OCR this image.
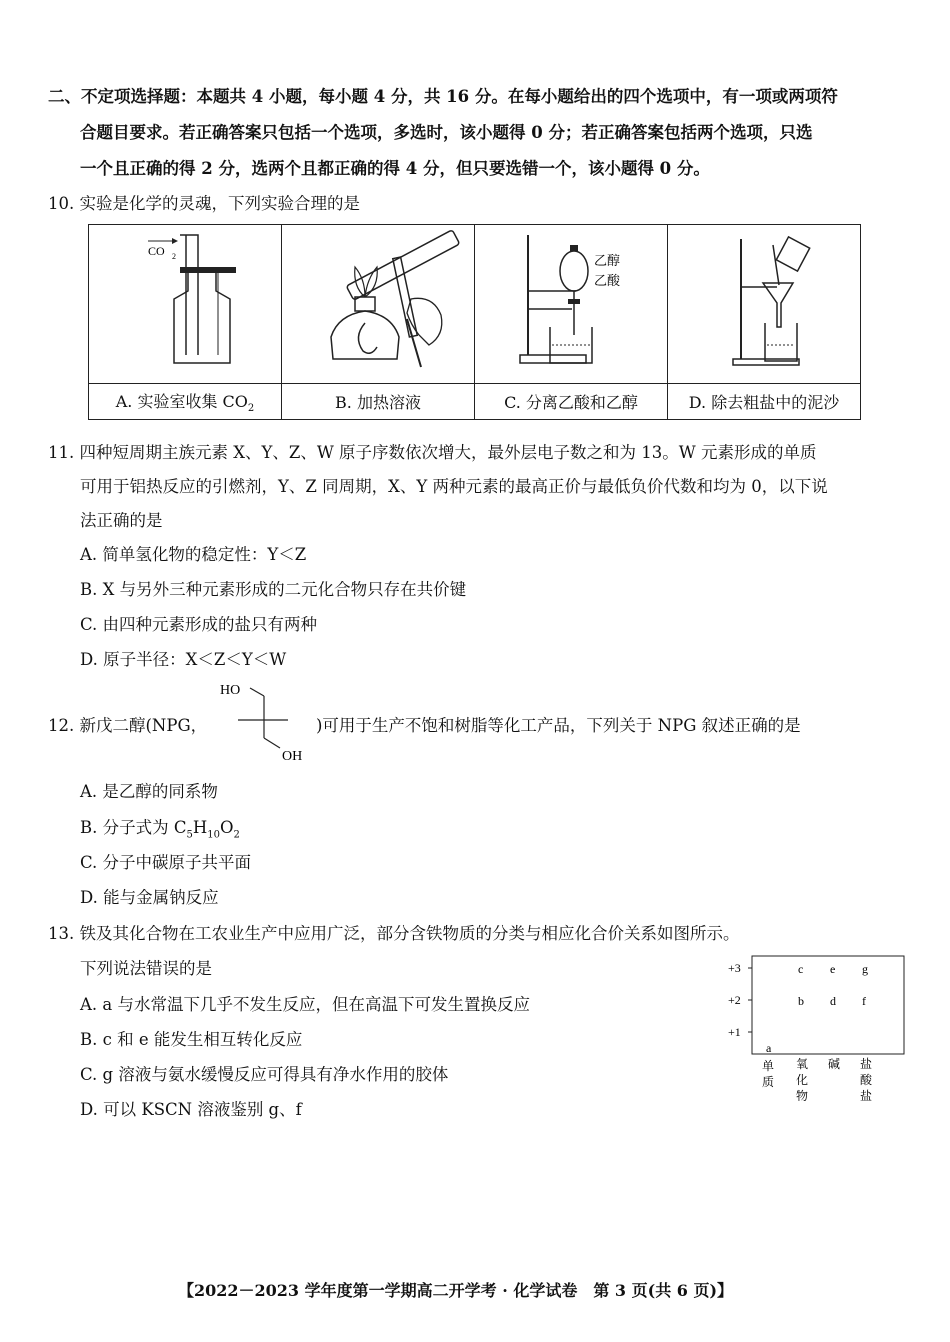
二、不定项选择题：本题共 4 小题，每小题 4 分，共 16 分。在每小题给出的四个选项中，有一项或两项符
合题目要求。若正确答案只包括一个选项，多选时，该小题得 0 分；若正确答案包括两个选项，只选
一个且正确的得 2 分，选两个且都正确的得 4 分，但只要选错一个，该小题得 0 分。
10. 实验是化学的灵魂，下列实验合理的是
CO 2		乙醇
乙酸

A. 实验室收集 $CO_2$	B. 加热溶液	C. 分离乙酸和乙醇	D. 除去粗盐中的泥沙
11. 四种短周期主族元素 X、Y、Z、W 原子序数依次增大，最外层电子数之和为 13。W 元素形成的单质
可用于铝热反应的引燃剂，Y、Z 同周期，X、Y 两种元素的最高正价与最低负价代数和均为 0，以下说
法正确的是
A. 简单氢化物的稳定性：Y＜Z
B. X 与另外三种元素形成的二元化合物只存在共价键
C. 由四种元素形成的盐只有两种
D. 原子半径：X＜Z＜Y＜W
12. 新戊二醇(NPG，
HO
OH
)可用于生产不饱和树脂等化工产品，下列关于 NPG 叙述正确的是
A. 是乙醇的同系物
B. 分子式为 $C_5H_{10}O_2$
C. 分子中碳原子共平面
D. 能与金属钠反应
13. 铁及其化合物在工农业生产中应用广泛，部分含铁物质的分类与相应化合价关系如图所示。
下列说法错误的是
A. a 与水常温下几乎不发生反应，但在高温下可发生置换反应
B. c 和 e 能发生相互转化反应
C. g 溶液与氨水缓慢反应可得具有净水作用的胶体
D. 可以 KSCN 溶液鉴别 g、f
+3
+2
+1
c e g
b d f
a
单
质
氧
化
物
碱 盐
酸
盐
【2022－2023 学年度第一学期高二开学考 · 化学试卷　第 3 页(共 6 页)】
